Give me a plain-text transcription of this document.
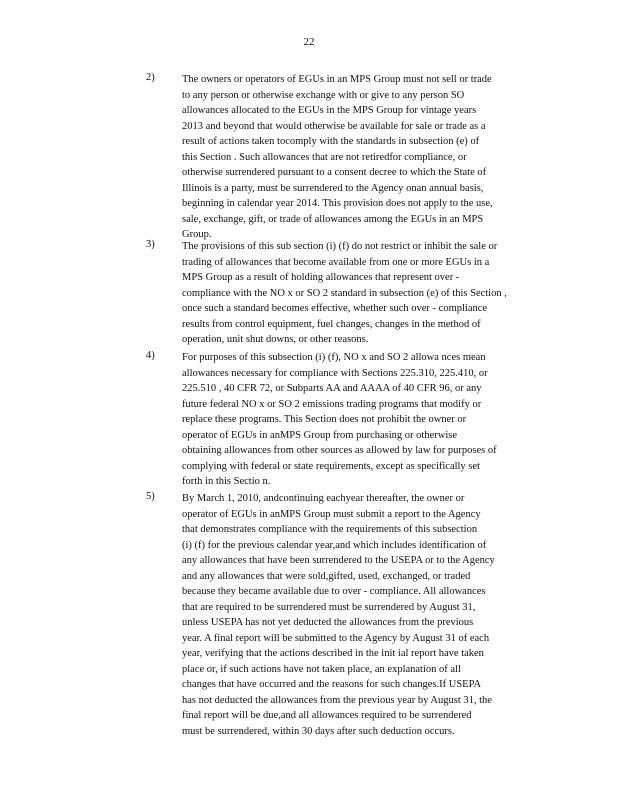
22
2)	The owners or operators of EGUs in an MPS Group must not sell or trade
to any person or otherwise exchange with or give to any person SO
allowances allocated to the EGUs in the MPS Group for vintage years
2013 and beyond that would otherwise be available for sale or trade as a
result of actions taken tocomply with the standards in subsection (e) of
this Section . Such allowances that are not retiredfor compliance, or
otherwise surrendered pursuant to a consent decree to which the State of
Illinois is a party, must be surrendered to the Agency onan annual basis,
beginning in calendar year 2014. This provision does not apply to the use,
sale, exchange, gift, or trade of allowances among the EGUs in an MPS
Group.
3)	The provisions of this sub section (i) (f) do not restrict or inhibit the sale or
trading of allowances that become available from one or more EGUs in a
MPS Group as a result of holding allowances that represent over -
compliance with the NO x or SO 2 standard in subsection (e) of this Section ,
once such a standard becomes effective, whether such over - compliance
results from control equipment, fuel changes, changes in the method of
operation, unit shut downs, or other reasons.
4)	For purposes of this subsection (i) (f), NO x and SO 2 allowa nces mean
allowances necessary for compliance with Sections 225.310, 225.410, or
225.510 , 40 CFR 72, or Subparts AA and AAAA of 40 CFR 96, or any
future federal NO x or SO 2 emissions trading programs that modify or
replace these programs. This Section does not prohibit the owner or
operator of EGUs in anMPS Group from purchasing or otherwise
obtaining allowances from other sources as allowed by law for purposes of
complying with federal or state requirements, except as specifically set
forth in this Sectio n.
5)	By March 1, 2010, andcontinuing eachyear thereafter, the owner or
operator of EGUs in anMPS Group must submit a report to the Agency
that demonstrates compliance with the requirements of this subsection
(i) (f) for the previous calendar year,and which includes identification of
any allowances that have been surrendered to the USEPA or to the Agency
and any allowances that were sold,gifted, used, exchanged, or traded
because they became available due to over - compliance. All allowances
that are required to be surrendered must be surrendered by August 31,
unless USEPA has not yet deducted the allowances from the previous
year. A final report will be submitted to the Agency by August 31 of each
year, verifying that the actions described in the init ial report have taken
place or, if such actions have not taken place, an explanation of all
changes that have occurred and the reasons for such changes.If USEPA
has not deducted the allowances from the previous year by August 31, the
final report will be due,and all allowances required to be surrendered
must be surrendered, within 30 days after such deduction occurs.
